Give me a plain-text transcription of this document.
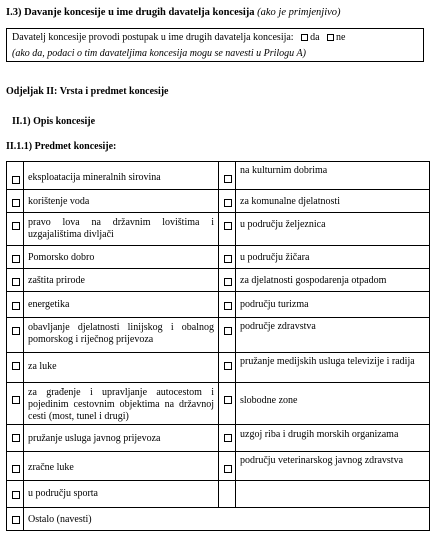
I.3) Davanje koncesije u ime drugih davatelja koncesija (ako je primjenjivo)
Davatelj koncesije provodi postupak u ime drugih davatelja koncesija: da ne
(ako da, podaci o tim davateljima koncesija mogu se navesti u Prilogu A)
Odjeljak II: Vrsta i predmet koncesije
II.1) Opis koncesije
II.1.1) Predmet koncesije:

	eksploatacija mineralnih sirovina		na kulturnim dobrima

	korištenje voda		za komunalne djelatnosti

	pravo lova na državnim lovištima i uzgajalištima divljači		u području željeznica

	Pomorsko dobro		u području žičara

	zaštita prirode		za djelatnosti gospodarenja otpadom

	energetika		području turizma

	obavljanje djelatnosti linijskog i obalnog pomorskog i riječnog prijevoza		područje zdravstva

	za luke		pružanje medijskih usluga televizije i radija

	za građenje i upravljanje autocestom i pojedinim cestovnim objektima na državnoj cesti (most, tunel i drugi)		slobodne zone

	pružanje usluga javnog prijevoza		uzgoj riba i drugih morskih organizama

	zračne luke		području veterinarskog javnog zdravstva

	u području sporta		

	Ostalo (navesti)		
